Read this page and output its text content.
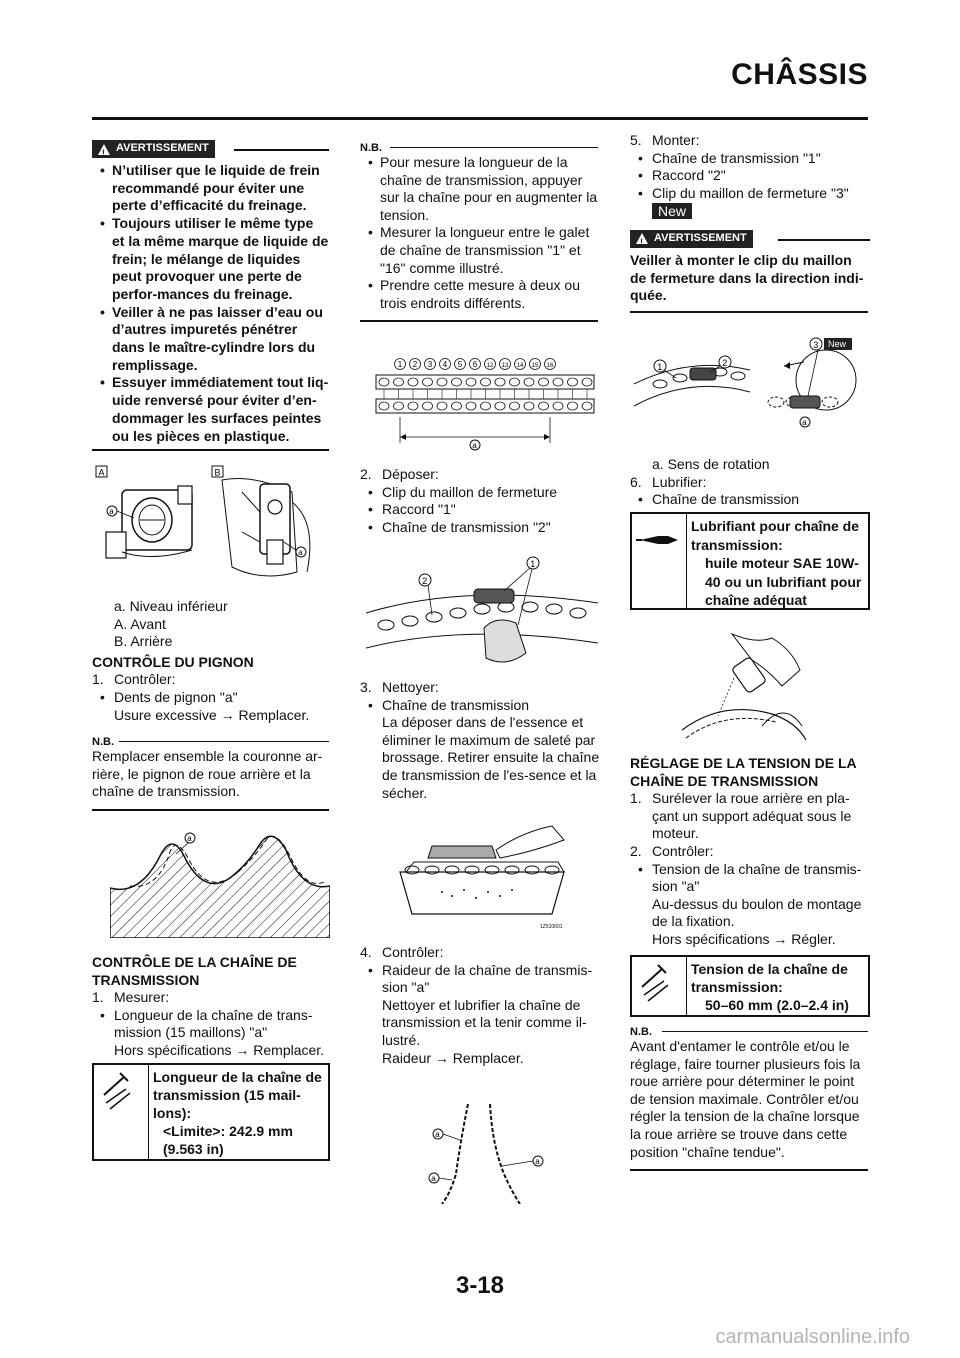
CHÂSSIS
!
AVERTISSEMENT
• N’utiliser que le liquide de frein recommandé pour éviter une perte d’efficacité du freinage.
• Toujours utiliser le même type et la même marque de liquide de frein; le mélange de liquides peut provoquer une perte de perfor-mances du freinage.
• Veiller à ne pas laisser d’eau ou d’autres impuretés pénétrer dans le maître-cylindre lors du remplissage.
• Essuyer immédiatement tout liq-uide renversé pour éviter d’en-dommager les surfaces peintes ou les pièces en plastique.
A	B
a
a
a. Niveau inférieur
A. Avant
B. Arrière
CONTRÔLE DU PIGNON
1. Contrôler:
• Dents de pignon "a"
Usure excessive → Remplacer.
N.B.
Remplacer ensemble la couronne ar-rière, le pignon de roue arrière et la chaîne de transmission.
a
CONTRÔLE DE LA CHAÎNE DE TRANSMISSION
1. Mesurer:
• Longueur de la chaîne de trans-mission (15 maillons) "a"
Hors spécifications → Remplacer.
Longueur de la chaîne de transmission (15 mail-lons):
<Limite>: 242.9 mm (9.563 in)
N.B.
• Pour mesure la longueur de la chaîne de transmission, appuyer sur la chaîne pour en augmenter la tension.
• Mesurer la longueur entre le galet de chaîne de transmission "1" et "16" comme illustré.
• Prendre cette mesure à deux ou trois endroits différents.
1 2 3 4 5 6 12 13 14 15 16
a
2. Déposer:
• Clip du maillon de fermeture
• Raccord "1"
• Chaîne de transmission "2"
1
2
3. Nettoyer:
• Chaîne de transmission
La déposer dans de l'essence et éliminer le maximum de saleté par brossage. Retirer ensuite la chaîne de transmission de l'es-sence et la sécher.
1Z510601
4. Contrôler:
• Raideur de la chaîne de transmis-sion "a"
Nettoyer et lubrifier la chaîne de transmission et la tenir comme il-lustré.
Raideur → Remplacer.
a
a
a
5. Monter:
• Chaîne de transmission "1"
• Raccord "2"
• Clip du maillon de fermeture "3"
New
!
AVERTISSEMENT
Veiller à monter le clip du maillon de fermeture dans la direction indi-quée.
1	2
3 New
a
a. Sens de rotation
6. Lubrifier:
• Chaîne de transmission
Lubrifiant pour chaîne de transmission:
huile moteur SAE 10W-40 ou un lubrifiant pour chaîne adéquat
RÉGLAGE DE LA TENSION DE LA CHAÎNE DE TRANSMISSION
1. Surélever la roue arrière en pla-çant un support adéquat sous le moteur.
2. Contrôler:
• Tension de la chaîne de transmis-sion "a"
Au-dessus du boulon de montage de la fixation.
Hors spécifications → Régler.
Tension de la chaîne de transmission:
50–60 mm (2.0–2.4 in)
N.B.
Avant d'entamer le contrôle et/ou le réglage, faire tourner plusieurs fois la roue arrière pour déterminer le point de tension maximale. Contrôler et/ou régler la tension de la chaîne lorsque la roue arrière se trouve dans cette position "chaîne tendue".
3-18
carmanualsonline.info
